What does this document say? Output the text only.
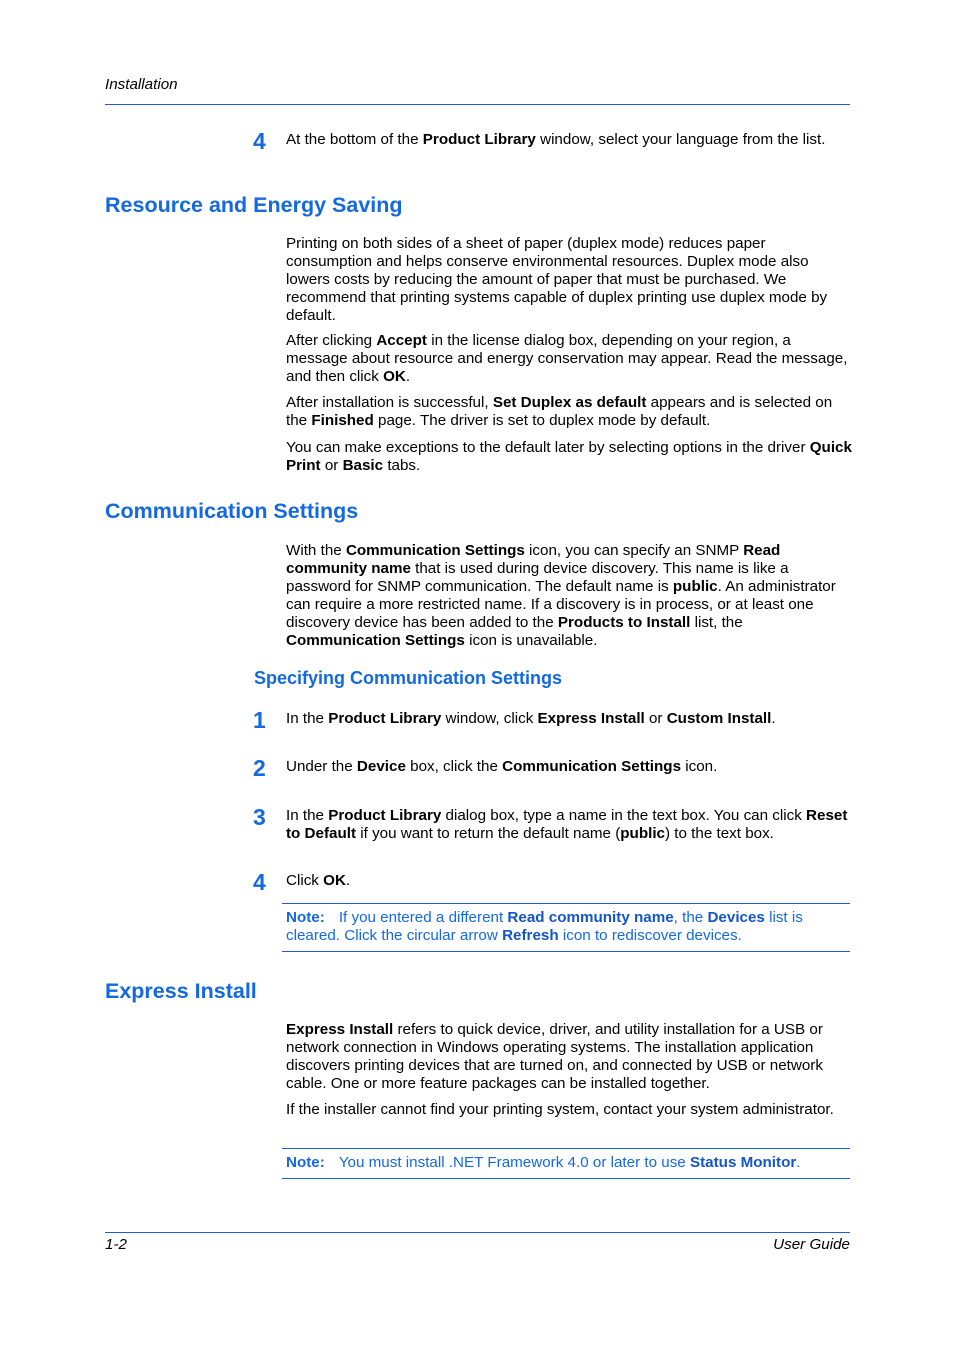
Installation
4 At the bottom of the Product Library window, select your language from the list.

Resource and Energy Saving

Printing on both sides of a sheet of paper (duplex mode) reduces paper consumption and helps conserve environmental resources. Duplex mode also lowers costs by reducing the amount of paper that must be purchased. We recommend that printing systems capable of duplex printing use duplex mode by default.

After clicking Accept in the license dialog box, depending on your region, a message about resource and energy conservation may appear. Read the message, and then click OK.

After installation is successful, Set Duplex as default appears and is selected on the Finished page. The driver is set to duplex mode by default.

You can make exceptions to the default later by selecting options in the driver Quick Print or Basic tabs.

Communication Settings

With the Communication Settings icon, you can specify an SNMP Read community name that is used during device discovery. This name is like a password for SNMP communication. The default name is public. An administrator can require a more restricted name. If a discovery is in process, or at least one discovery device has been added to the Products to Install list, the Communication Settings icon is unavailable.

Specifying Communication Settings
1 In the Product Library window, click Express Install or Custom Install.

2 Under the Device box, click the Communication Settings icon.

3 In the Product Library dialog box, type a name in the text box. You can click Reset to Default if you want to return the default name (public) to the text box.

4 Click OK.

Note: If you entered a different Read community name, the Devices list is cleared. Click the circular arrow Refresh icon to rediscover devices.
Express Install

Express Install refers to quick device, driver, and utility installation for a USB or network connection in Windows operating systems. The installation application discovers printing devices that are turned on, and connected by USB or network cable. One or more feature packages can be installed together.

If the installer cannot find your printing system, contact your system administrator.

Note: You must install .NET Framework 4.0 or later to use Status Monitor.
1-2	User Guide
